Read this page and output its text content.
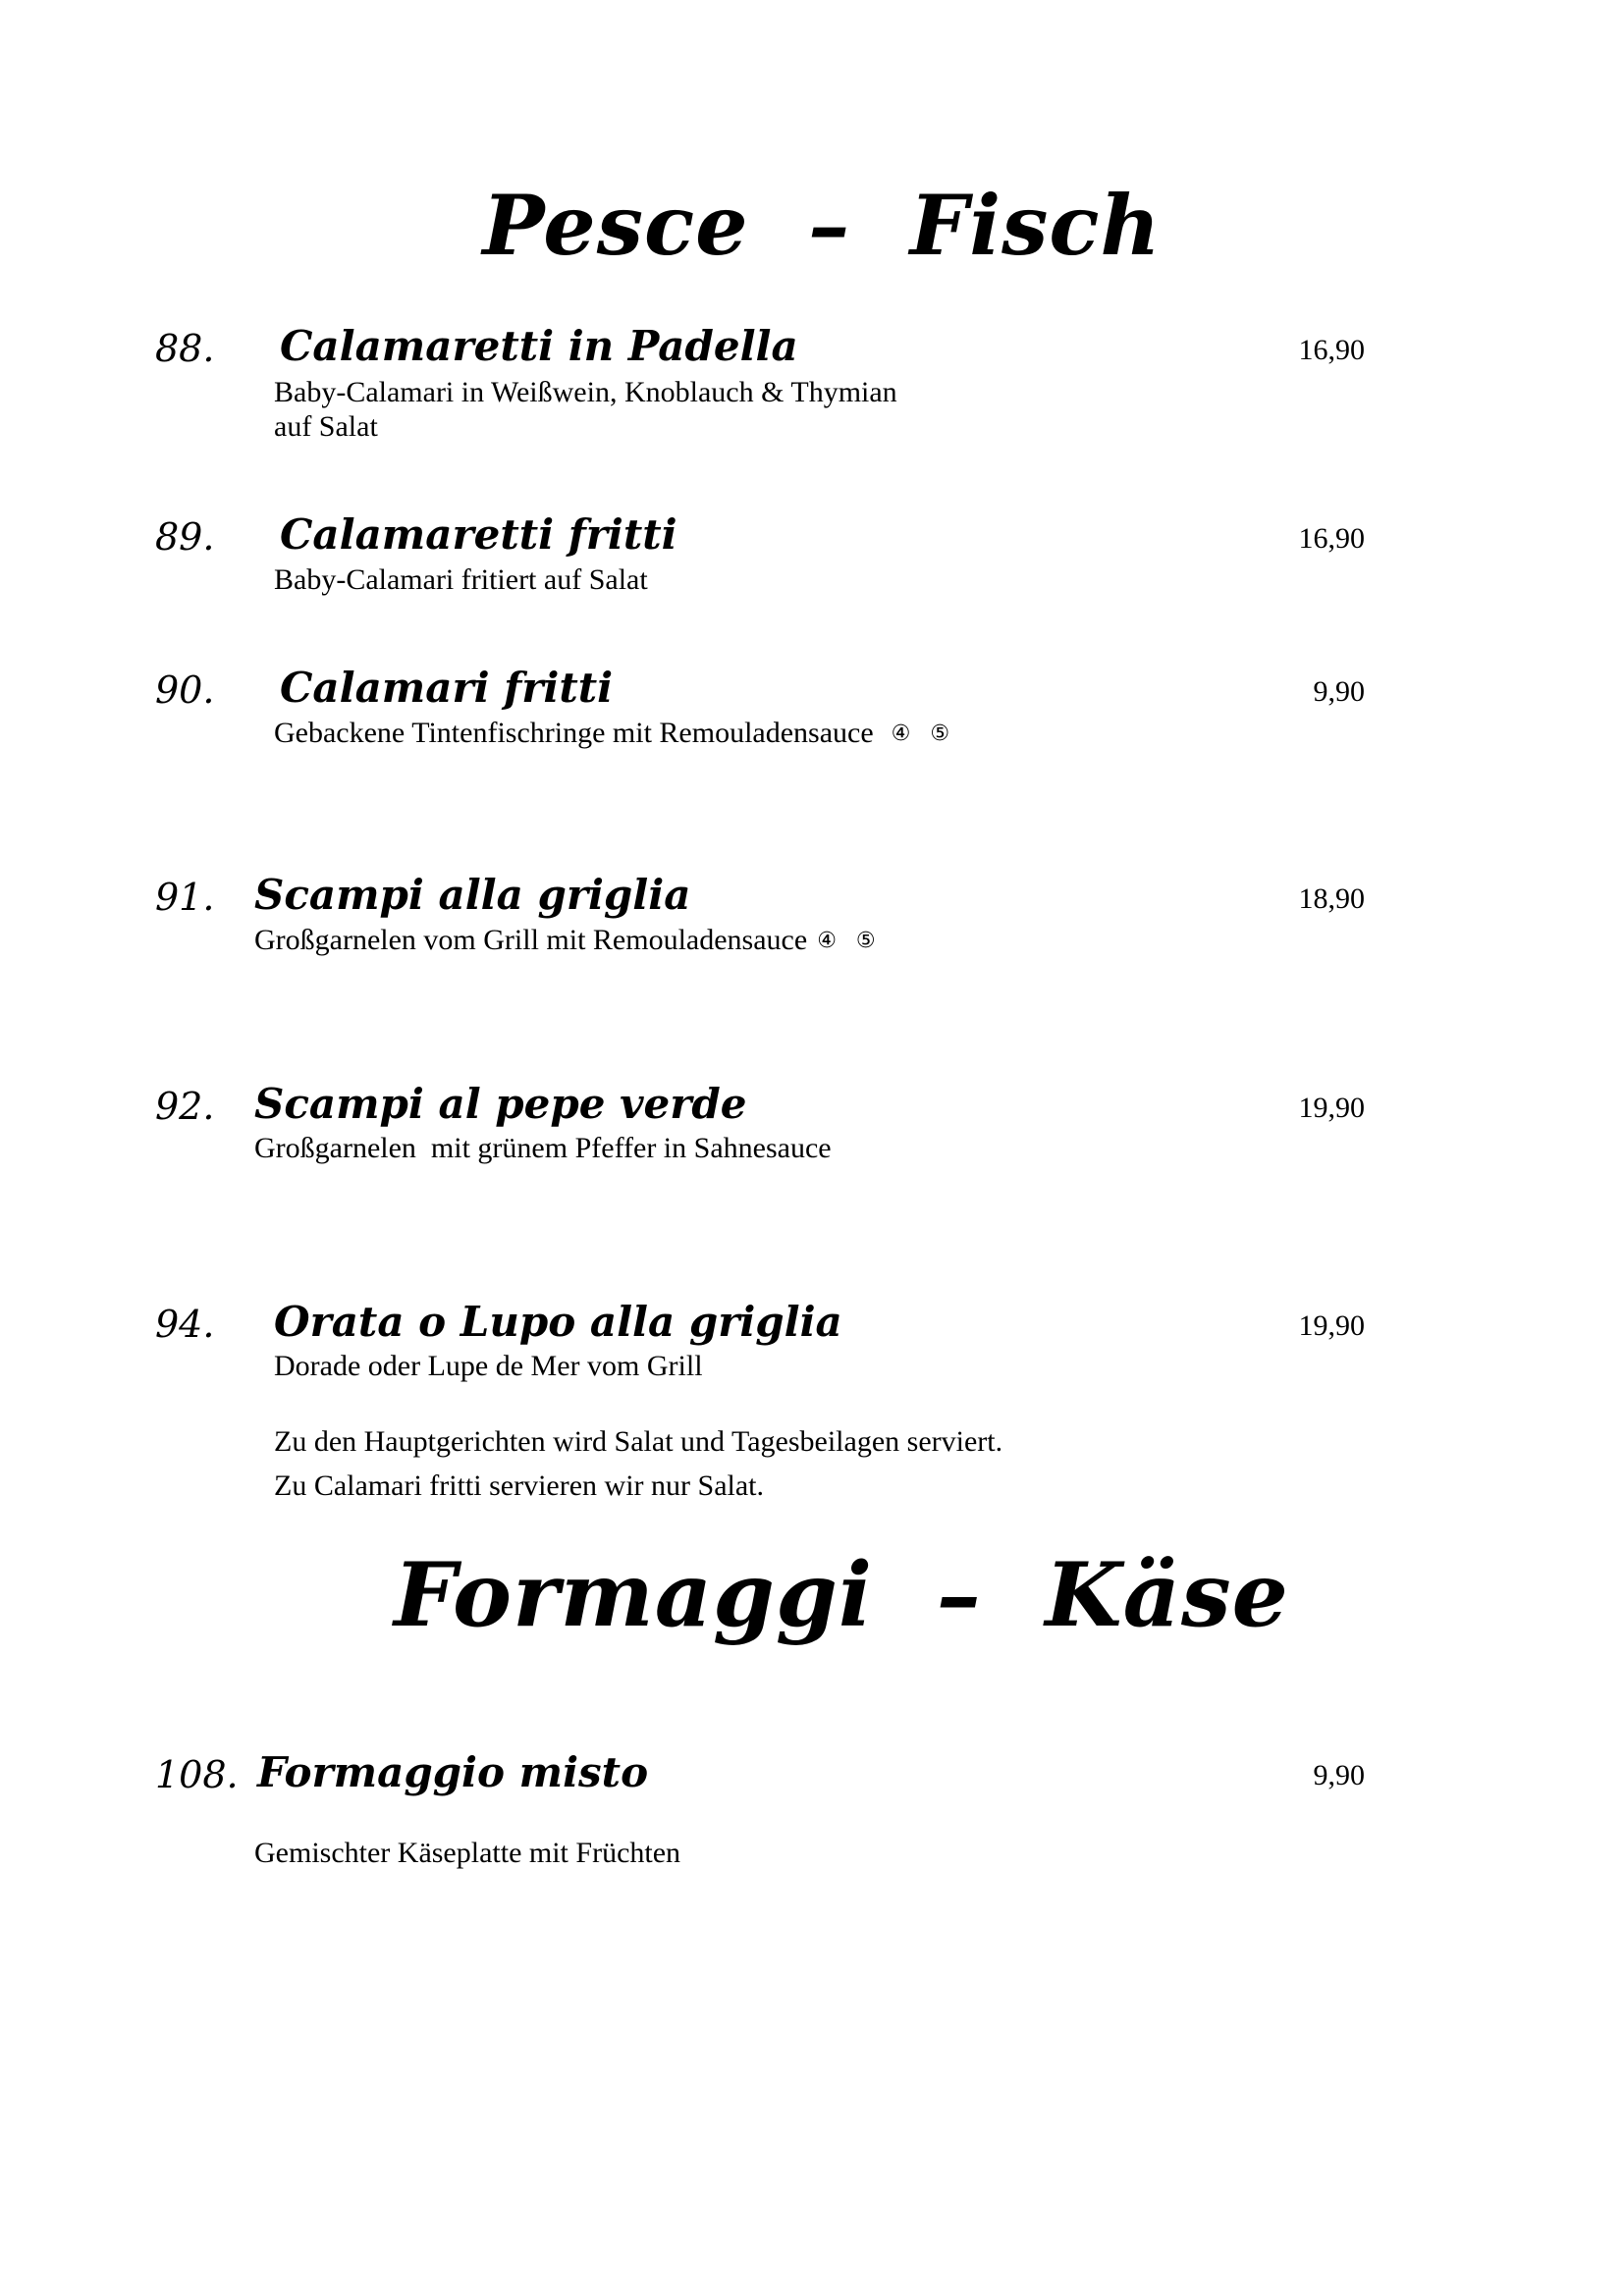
Pesce  –  Fisch
88. Calamaretti in Padella	16,90
Baby-Calamari in Weißwein, Knoblauch & Thymian
auf Salat
89. Calamaretti fritti	16,90
Baby-Calamari fritiert auf Salat
90. Calamari fritti	9,90
Gebackene Tintenfischringe mit Remouladensauce ④ ⑤
91. Scampi alla griglia	18,90
Großgarnelen vom Grill mit Remouladensauce ④ ⑤
92. Scampi al pepe verde	19,90
Großgarnelen  mit grünem Pfeffer in Sahnesauce
94. Orata o Lupo alla griglia	19,90
Dorade oder Lupe de Mer vom Grill
Zu den Hauptgerichten wird Salat und Tagesbeilagen serviert.
Zu Calamari fritti servieren wir nur Salat.
Formaggi  –  Käse
108. Formaggio misto	9,90
Gemischter Käseplatte mit Früchten
